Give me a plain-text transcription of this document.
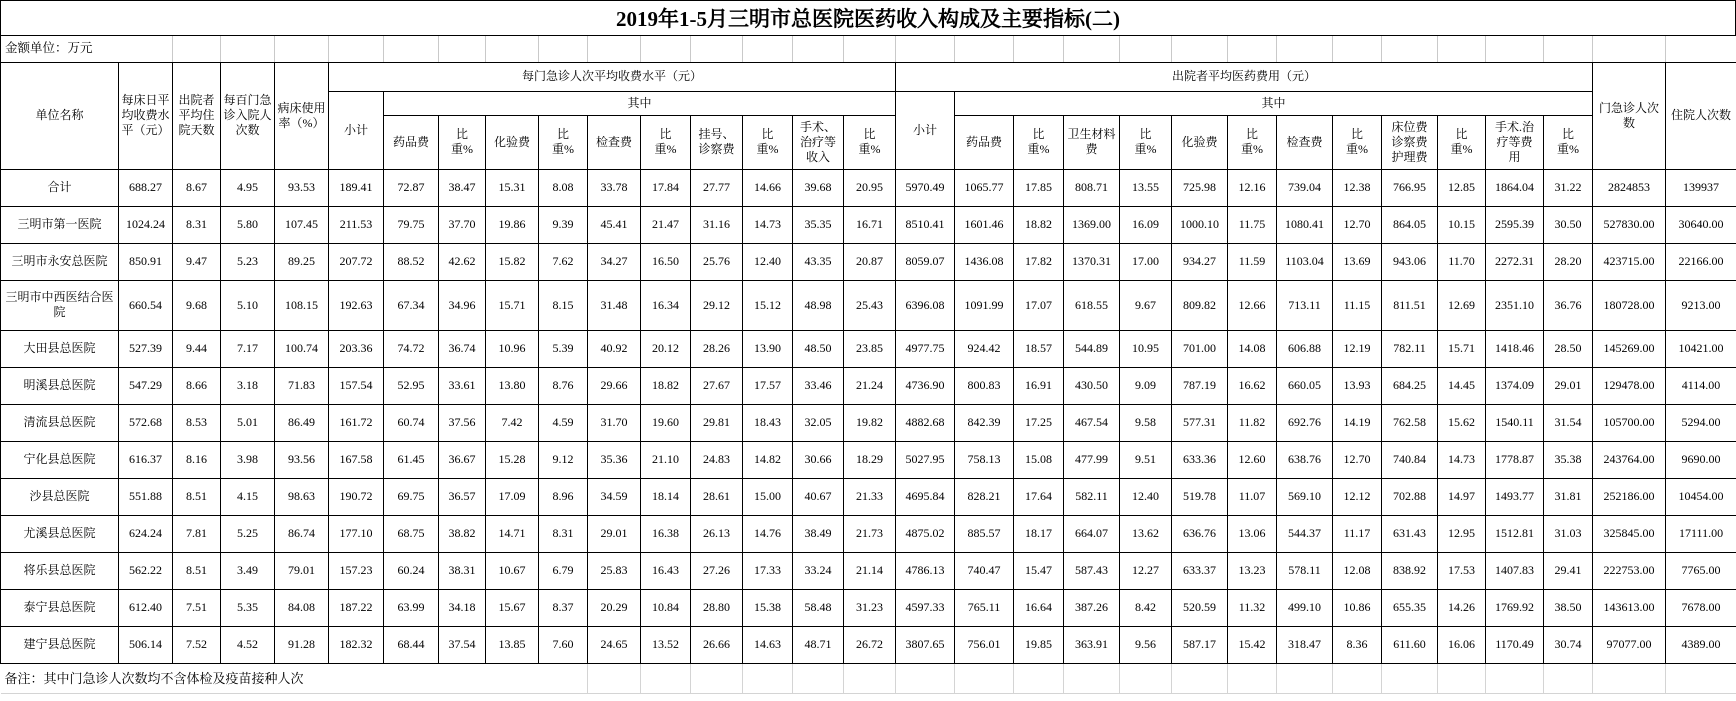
2019年1-5月三明市总医院医药收入构成及主要指标(二)
金额单位：万元																														

单位名称	每床日平均收费水平（元）	出院者平均住院天数	每百门急诊入院人次数	病床使用率（%）	每门急诊人次平均收费水平（元）											出院者平均医药费用（元）													门急诊人次数	住院人次数

					小计	其中										小计	其中													

						药品费	比重%	化验费	比重%	检查费	比重%	挂号、诊察费	比重%	手术、治疗等收入	比重%		药品费	比重%	卫生材料费	比重%	化验费	比重%	检查费	比重%	床位费诊察费护理费	比重%	手术.治疗等费用	比重%		

合计	688.27	8.67	4.95	93.53	189.41	72.87	38.47	15.31	8.08	33.78	17.84	27.77	14.66	39.68	20.95	5970.49	1065.77	17.85	808.71	13.55	725.98	12.16	739.04	12.38	766.95	12.85	1864.04	31.22	2824853	139937
三明市第一医院	1024.24	8.31	5.80	107.45	211.53	79.75	37.70	19.86	9.39	45.41	21.47	31.16	14.73	35.35	16.71	8510.41	1601.46	18.82	1369.00	16.09	1000.10	11.75	1080.41	12.70	864.05	10.15	2595.39	30.50	527830.00	30640.00
三明市永安总医院	850.91	9.47	5.23	89.25	207.72	88.52	42.62	15.82	7.62	34.27	16.50	25.76	12.40	43.35	20.87	8059.07	1436.08	17.82	1370.31	17.00	934.27	11.59	1103.04	13.69	943.06	11.70	2272.31	28.20	423715.00	22166.00
三明市中西医结合医院	660.54	9.68	5.10	108.15	192.63	67.34	34.96	15.71	8.15	31.48	16.34	29.12	15.12	48.98	25.43	6396.08	1091.99	17.07	618.55	9.67	809.82	12.66	713.11	11.15	811.51	12.69	2351.10	36.76	180728.00	9213.00
大田县总医院	527.39	9.44	7.17	100.74	203.36	74.72	36.74	10.96	5.39	40.92	20.12	28.26	13.90	48.50	23.85	4977.75	924.42	18.57	544.89	10.95	701.00	14.08	606.88	12.19	782.11	15.71	1418.46	28.50	145269.00	10421.00
明溪县总医院	547.29	8.66	3.18	71.83	157.54	52.95	33.61	13.80	8.76	29.66	18.82	27.67	17.57	33.46	21.24	4736.90	800.83	16.91	430.50	9.09	787.19	16.62	660.05	13.93	684.25	14.45	1374.09	29.01	129478.00	4114.00
清流县总医院	572.68	8.53	5.01	86.49	161.72	60.74	37.56	7.42	4.59	31.70	19.60	29.81	18.43	32.05	19.82	4882.68	842.39	17.25	467.54	9.58	577.31	11.82	692.76	14.19	762.58	15.62	1540.11	31.54	105700.00	5294.00
宁化县总医院	616.37	8.16	3.98	93.56	167.58	61.45	36.67	15.28	9.12	35.36	21.10	24.83	14.82	30.66	18.29	5027.95	758.13	15.08	477.99	9.51	633.36	12.60	638.76	12.70	740.84	14.73	1778.87	35.38	243764.00	9690.00
沙县总医院	551.88	8.51	4.15	98.63	190.72	69.75	36.57	17.09	8.96	34.59	18.14	28.61	15.00	40.67	21.33	4695.84	828.21	17.64	582.11	12.40	519.78	11.07	569.10	12.12	702.88	14.97	1493.77	31.81	252186.00	10454.00
尤溪县总医院	624.24	7.81	5.25	86.74	177.10	68.75	38.82	14.71	8.31	29.01	16.38	26.13	14.76	38.49	21.73	4875.02	885.57	18.17	664.07	13.62	636.76	13.06	544.37	11.17	631.43	12.95	1512.81	31.03	325845.00	17111.00
将乐县总医院	562.22	8.51	3.49	79.01	157.23	60.24	38.31	10.67	6.79	25.83	16.43	27.26	17.33	33.24	21.14	4786.13	740.47	15.47	587.43	12.27	633.37	13.23	578.11	12.08	838.92	17.53	1407.83	29.41	222753.00	7765.00
泰宁县总医院	612.40	7.51	5.35	84.08	187.22	63.99	34.18	15.67	8.37	20.29	10.84	28.80	15.38	58.48	31.23	4597.33	765.11	16.64	387.26	8.42	520.59	11.32	499.10	10.86	655.35	14.26	1769.92	38.50	143613.00	7678.00
建宁县总医院	506.14	7.52	4.52	91.28	182.32	68.44	37.54	13.85	7.60	24.65	13.52	26.66	14.63	48.71	26.72	3807.65	756.01	19.85	363.91	9.56	587.17	15.42	318.47	8.36	611.60	16.06	1170.49	30.74	97077.00	4389.00
备注：其中门急诊人次数均不含体检及疫苗接种人次																														
